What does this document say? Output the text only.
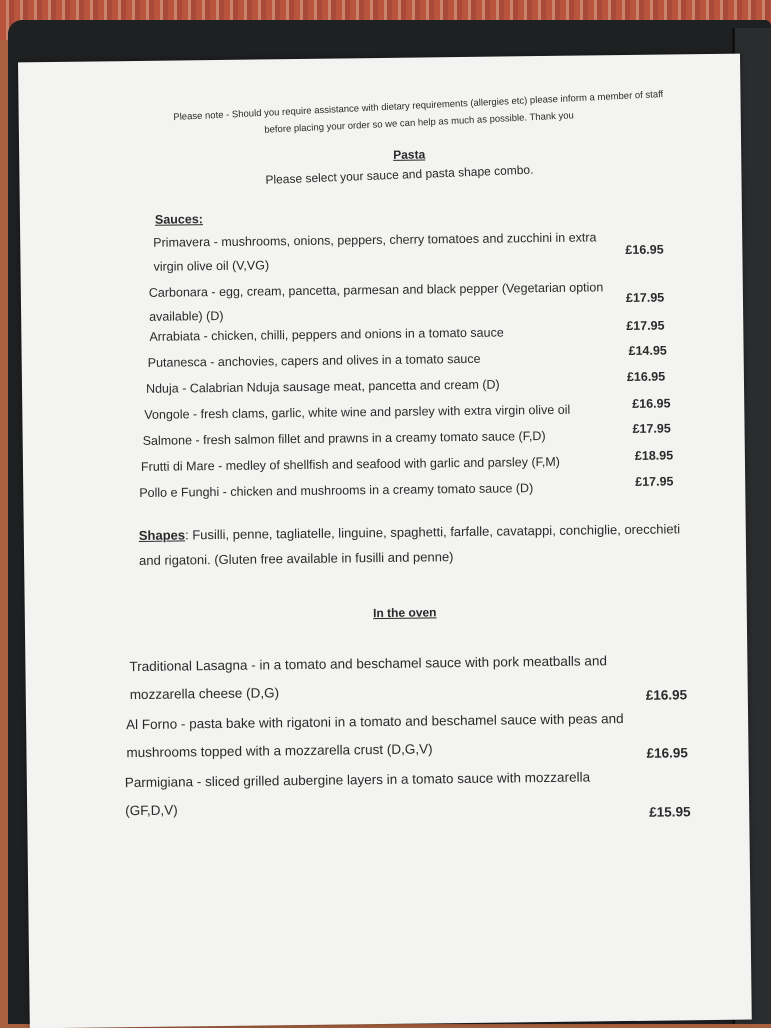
Please note - Should you require assistance with dietary requirements (allergies etc) please inform a member of staff before placing your order so we can help as much as possible. Thank you
Pasta
Please select your sauce and pasta shape combo.
Sauces:
Primavera - mushrooms, onions, peppers, cherry tomatoes and zucchini in extra
virgin olive oil (V,VG)
£16.95
Carbonara - egg, cream, pancetta, parmesan and black pepper (Vegetarian option
available) (D)
£17.95
Arrabiata - chicken, chilli, peppers and onions in a tomato sauce	£17.95
Putanesca - anchovies, capers and olives in a tomato sauce
£14.95
Nduja - Calabrian Nduja sausage meat, pancetta and cream (D)
£16.95
Vongole - fresh clams, garlic, white wine and parsley with extra virgin olive oil	£16.95
Salmone - fresh salmon fillet and prawns in a creamy tomato sauce (F,D)
£17.95
Frutti di Mare - medley of shellfish and seafood with garlic and parsley (F,M)	£18.95
Pollo e Funghi - chicken and mushrooms in a creamy tomato sauce (D)	£17.95
Shapes: Fusilli, penne, tagliatelle, linguine, spaghetti, farfalle, cavatappi, conchiglie, orecchieti and rigatoni. (Gluten free available in fusilli and penne)
In the oven
Traditional Lasagna - in a tomato and beschamel sauce with pork meatballs and
mozzarella cheese (D,G)	£16.95
Al Forno - pasta bake with rigatoni in a tomato and beschamel sauce with peas and
mushrooms topped with a mozzarella crust (D,G,V)	£16.95
Parmigiana - sliced grilled aubergine layers in a tomato sauce with mozzarella
(GF,D,V)	£15.95
